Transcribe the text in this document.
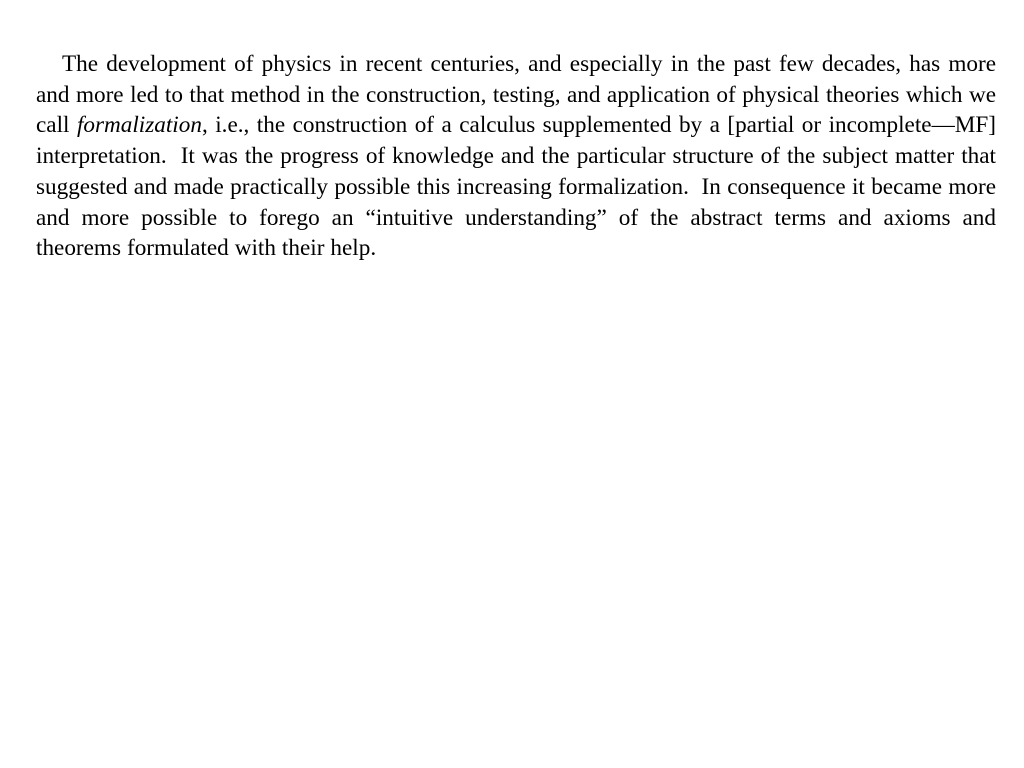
The development of physics in recent centuries, and especially in the past few decades, has more and more led to that method in the construction, testing, and application of physical theories which we call formalization, i.e., the construction of a calculus supplemented by a [partial or incomplete—MF] interpretation.  It was the progress of knowledge and the particular structure of the subject matter that suggested and made practically possible this increasing formalization.  In consequence it became more and more possible to forego an “intuitive understanding” of the abstract terms and axioms and theorems formulated with their help.
